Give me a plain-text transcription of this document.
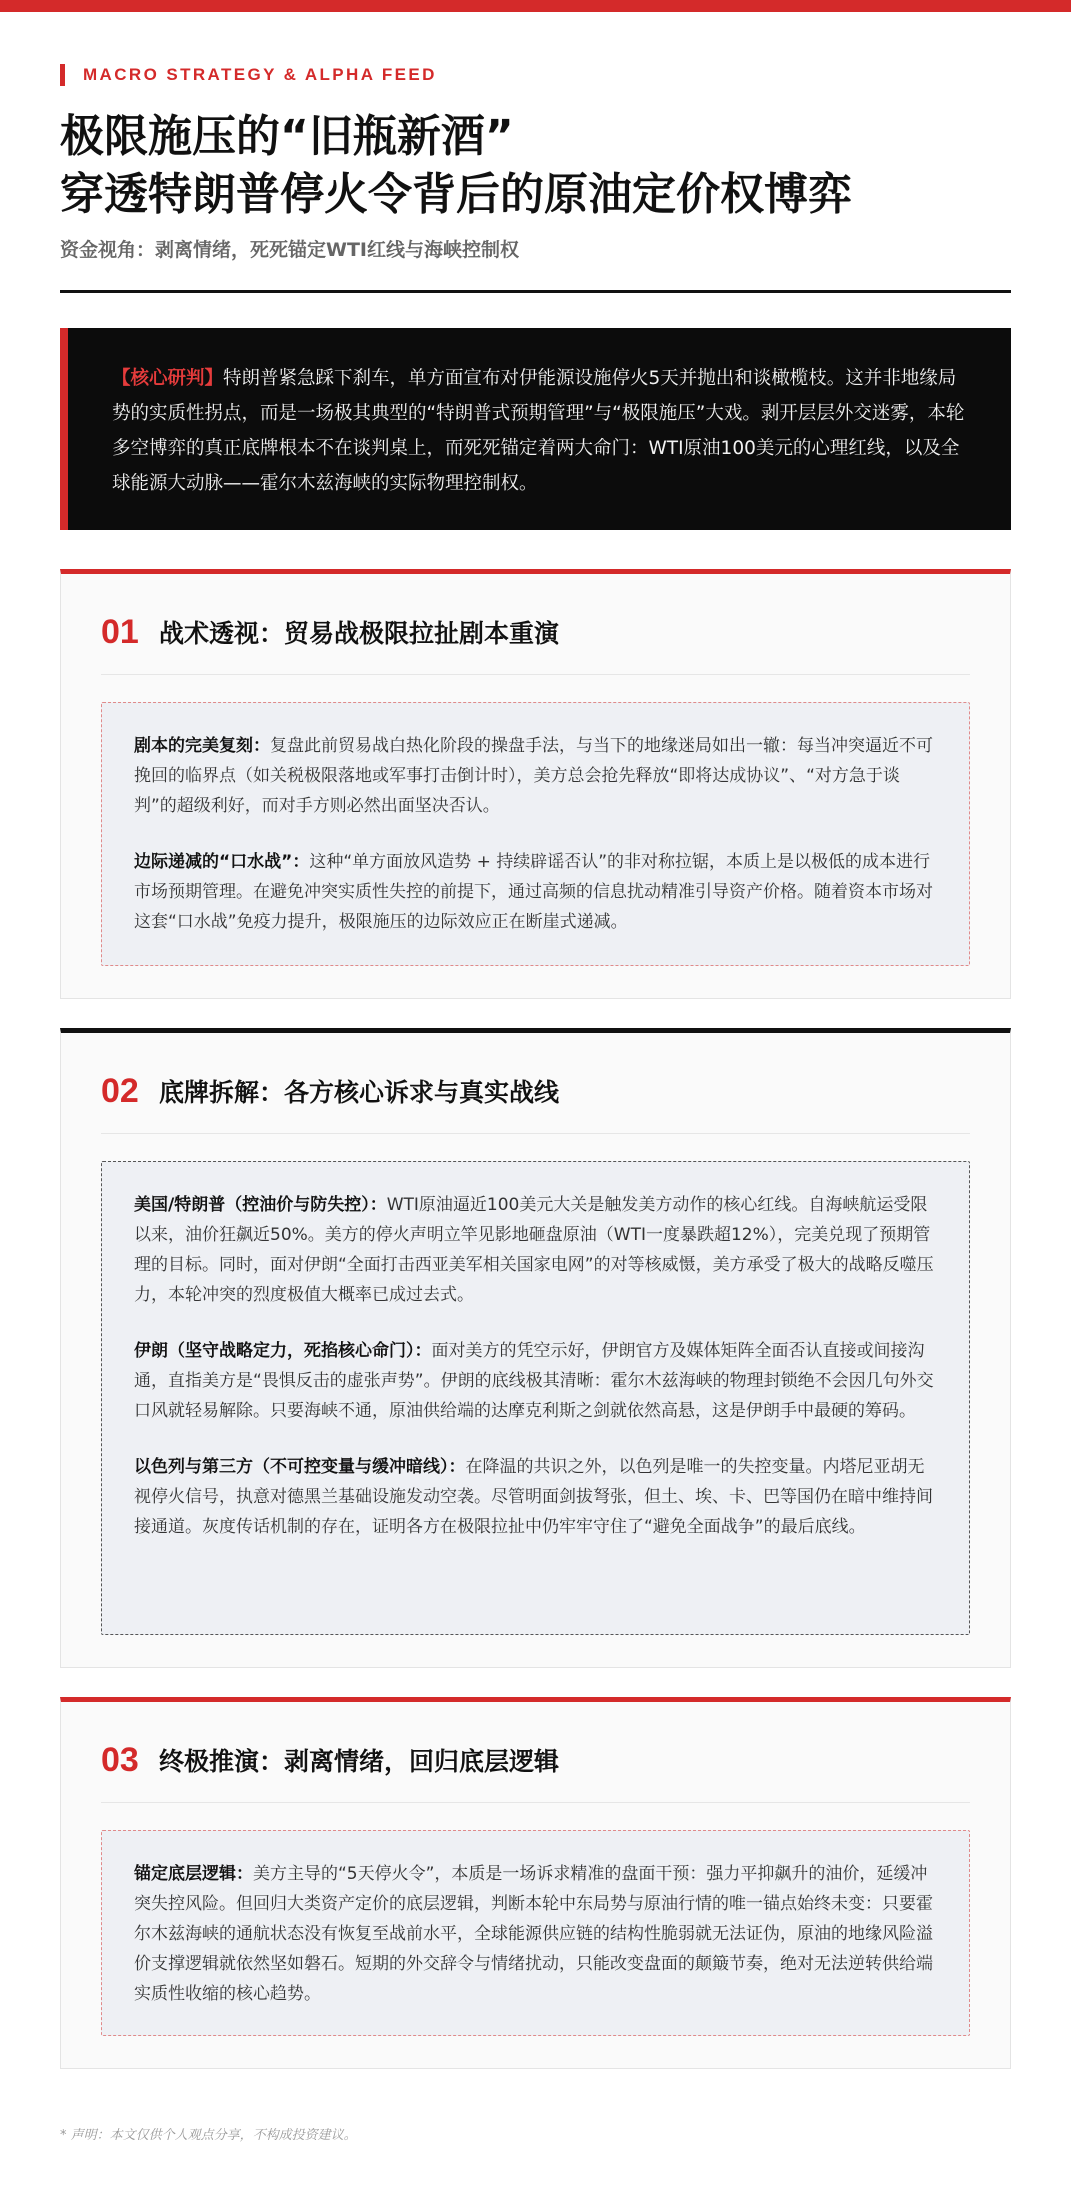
MACRO STRATEGY & ALPHA FEED
极限施压的“旧瓶新酒”
穿透特朗普停火令背后的原油定价权博弈
资金视角：剥离情绪，死死锚定WTI红线与海峡控制权
【核心研判】特朗普紧急踩下刹车，单方面宣布对伊能源设施停火5天并抛出和谈橄榄枝。这并非地缘局势的实质性拐点，而是一场极其典型的“特朗普式预期管理”与“极限施压”大戏。剥开层层外交迷雾，本轮多空博弈的真正底牌根本不在谈判桌上，而死死锚定着两大命门：WTI原油100美元的心理红线，以及全球能源大动脉——霍尔木兹海峡的实际物理控制权。
01 战术透视：贸易战极限拉扯剧本重演

剧本的完美复刻：复盘此前贸易战白热化阶段的操盘手法，与当下的地缘迷局如出一辙：每当冲突逼近不可挽回的临界点（如关税极限落地或军事打击倒计时），美方总会抢先释放“即将达成协议”、“对方急于谈判”的超级利好，而对手方则必然出面坚决否认。

边际递减的“口水战”：这种“单方面放风造势 + 持续辟谣否认”的非对称拉锯，本质上是以极低的成本进行市场预期管理。在避免冲突实质性失控的前提下，通过高频的信息扰动精准引导资产价格。随着资本市场对这套“口水战”免疫力提升，极限施压的边际效应正在断崖式递减。

02 底牌拆解：各方核心诉求与真实战线

美国/特朗普（控油价与防失控）：WTI原油逼近100美元大关是触发美方动作的核心红线。自海峡航运受限以来，油价狂飙近50%。美方的停火声明立竿见影地砸盘原油（WTI一度暴跌超12%），完美兑现了预期管理的目标。同时，面对伊朗“全面打击西亚美军相关国家电网”的对等核威慑，美方承受了极大的战略反噬压力，本轮冲突的烈度极值大概率已成过去式。

伊朗（坚守战略定力，死掐核心命门）：面对美方的凭空示好，伊朗官方及媒体矩阵全面否认直接或间接沟通，直指美方是“畏惧反击的虚张声势”。伊朗的底线极其清晰：霍尔木兹海峡的物理封锁绝不会因几句外交口风就轻易解除。只要海峡不通，原油供给端的达摩克利斯之剑就依然高悬，这是伊朗手中最硬的筹码。

以色列与第三方（不可控变量与缓冲暗线）：在降温的共识之外，以色列是唯一的失控变量。内塔尼亚胡无视停火信号，执意对德黑兰基础设施发动空袭。尽管明面剑拔弩张，但土、埃、卡、巴等国仍在暗中维持间接通道。灰度传话机制的存在，证明各方在极限拉扯中仍牢牢守住了“避免全面战争”的最后底线。

03 终极推演：剥离情绪，回归底层逻辑

锚定底层逻辑：美方主导的“5天停火令”，本质是一场诉求精准的盘面干预：强力平抑飙升的油价，延缓冲突失控风险。但回归大类资产定价的底层逻辑，判断本轮中东局势与原油行情的唯一锚点始终未变：只要霍尔木兹海峡的通航状态没有恢复至战前水平，全球能源供应链的结构性脆弱就无法证伪，原油的地缘风险溢价支撑逻辑就依然坚如磐石。短期的外交辞令与情绪扰动，只能改变盘面的颠簸节奏，绝对无法逆转供给端实质性收缩的核心趋势。

* 声明：本文仅供个人观点分享，不构成投资建议。
